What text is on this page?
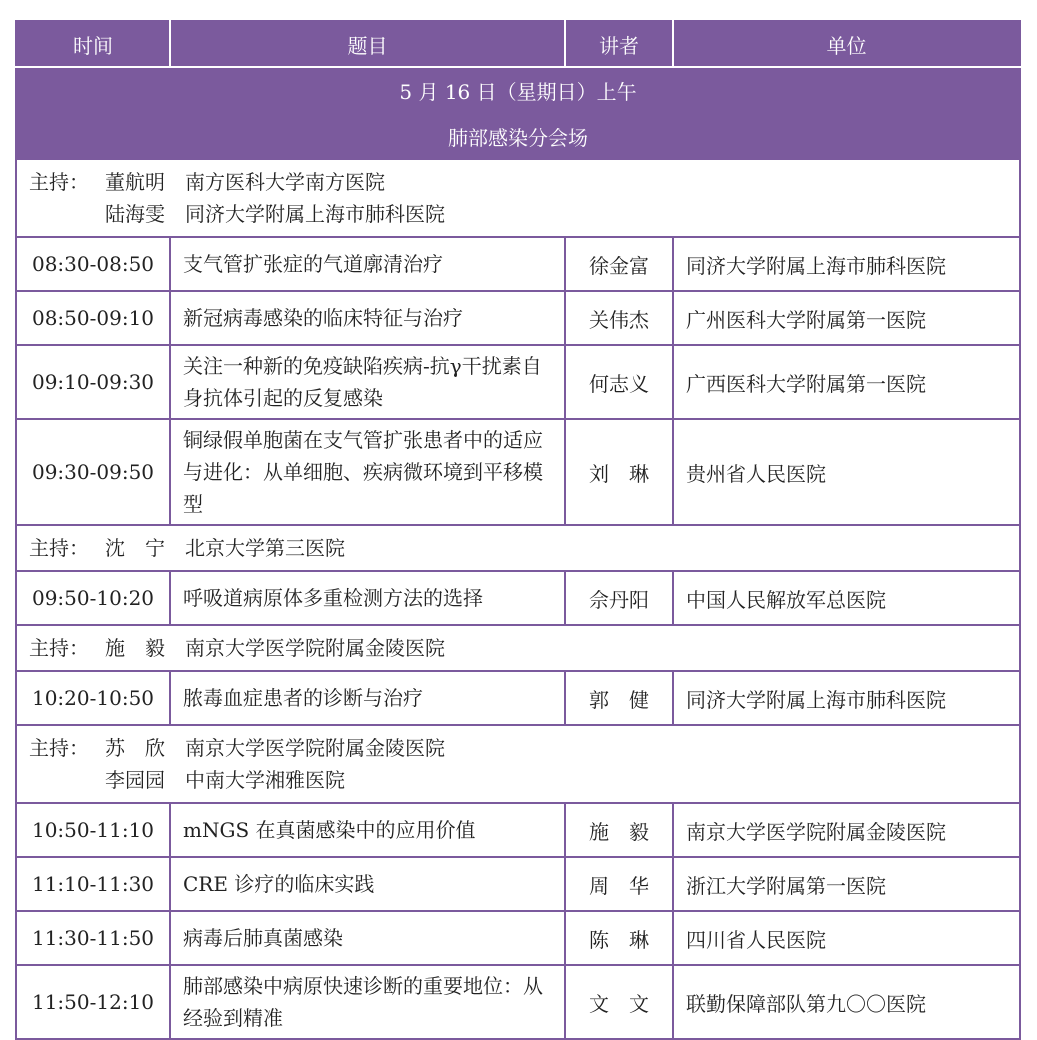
时间	题目	讲者	单位
5 月 16 日（星期日）上午			
肺部感染分会场			

主持： 董航明 南方医科大学南方医院
陆海雯 同济大学附属上海市肺科医院			

08:30-08:50	支气管扩张症的气道廓清治疗	徐金富	同济大学附属上海市肺科医院
08:50-09:10	新冠病毒感染的临床特征与治疗	关伟杰	广州医科大学附属第一医院
09:10-09:30	关注一种新的免疫缺陷疾病-抗γ干扰素自身抗体引起的反复感染	何志义	广西医科大学附属第一医院
09:30-09:50	铜绿假单胞菌在支气管扩张患者中的适应与进化：从单细胞、疾病微环境到平移模型	刘　琳	贵州省人民医院

主持： 沈　宁 北京大学第三医院			

09:50-10:20	呼吸道病原体多重检测方法的选择	佘丹阳	中国人民解放军总医院

主持： 施　毅 南京大学医学院附属金陵医院			

10:20-10:50	脓毒血症患者的诊断与治疗	郭　健	同济大学附属上海市肺科医院

主持： 苏　欣 南京大学医学院附属金陵医院
李园园 中南大学湘雅医院			

10:50-11:10	mNGS 在真菌感染中的应用价值	施　毅	南京大学医学院附属金陵医院
11:10-11:30	CRE 诊疗的临床实践	周　华	浙江大学附属第一医院
11:30-11:50	病毒后肺真菌感染	陈　琳	四川省人民医院
11:50-12:10	肺部感染中病原快速诊断的重要地位：从经验到精准	文　文	联勤保障部队第九〇〇医院
